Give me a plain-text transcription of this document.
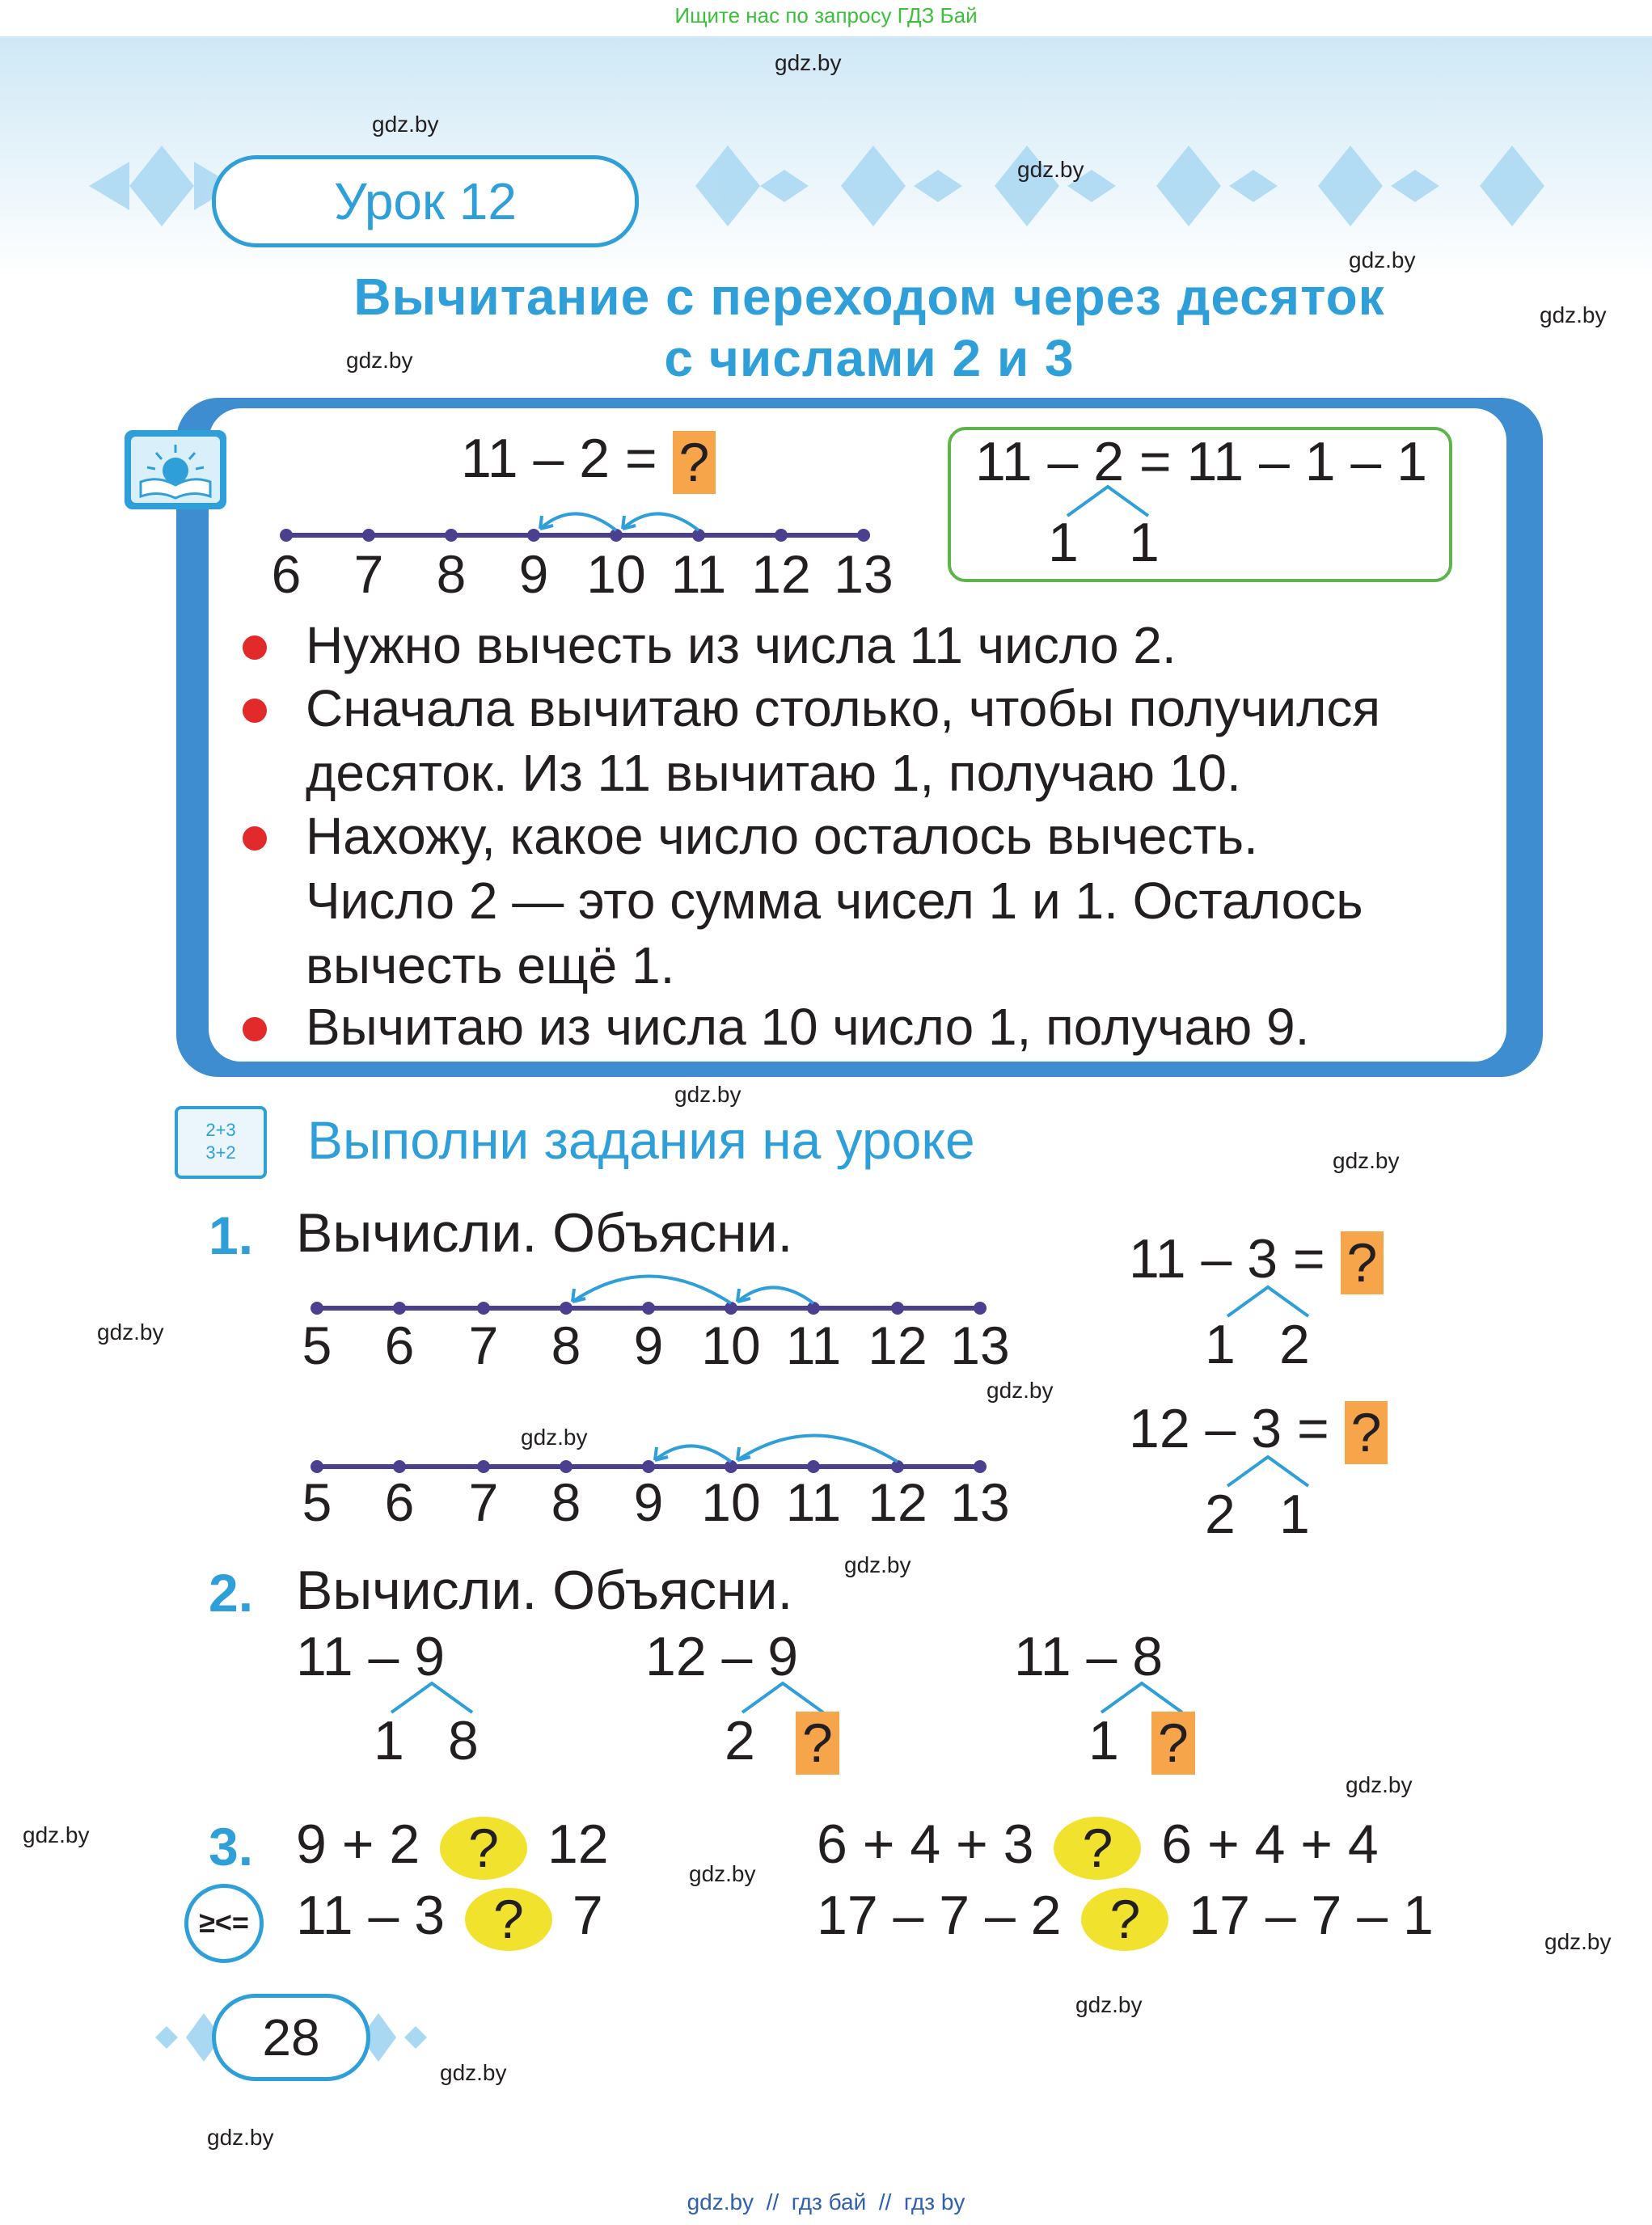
Ищите нас по запросу ГДЗ Бай
gdz.by
gdz.by
gdz.by
gdz.by
gdz.by
gdz.by
gdz.by
gdz.by
gdz.by
gdz.by
gdz.by
gdz.by
gdz.by
gdz.by
gdz.by
gdz.by
gdz.by
gdz.by
gdz.by
Урок 12
Вычитание с переходом через десяток
с числами 2 и 3
11 – 2 = ?
6 7 8 9 10 11 12 13
11 – 2 = 11 – 1 – 1
1 1
Нужно вычесть из числа 11 число 2.
Сначала вычитаю столько, чтобы получился
десяток. Из 11 вычитаю 1, получаю 10.
Нахожу, какое число осталось вычесть.
Число 2 — это сумма чисел 1 и 1. Осталось
вычесть ещё 1.
Вычитаю из числа 10 число 1, получаю 9.
2+3
3+2	Выполни задания на уроке
1. Вычисли. Объясни.
5 6	7 8 9 10 11 12 13
5 6	7 8 9 10 11 12 13
11 – 3 = ?
1 2
12 – 3 = ?
2 1
2. Вычисли. Объясни.
11 – 9
1 8
12 – 9
2 ?
11 – 8
1 ?
3.
≥<=
9 + 2 ? 12
11 – 3 ? 7
6 + 4 + 3 ? 6 + 4 + 4
17 – 7 – 2 ? 17 – 7 – 1
28
gdz.by  //  гдз бай  //  гдз by
